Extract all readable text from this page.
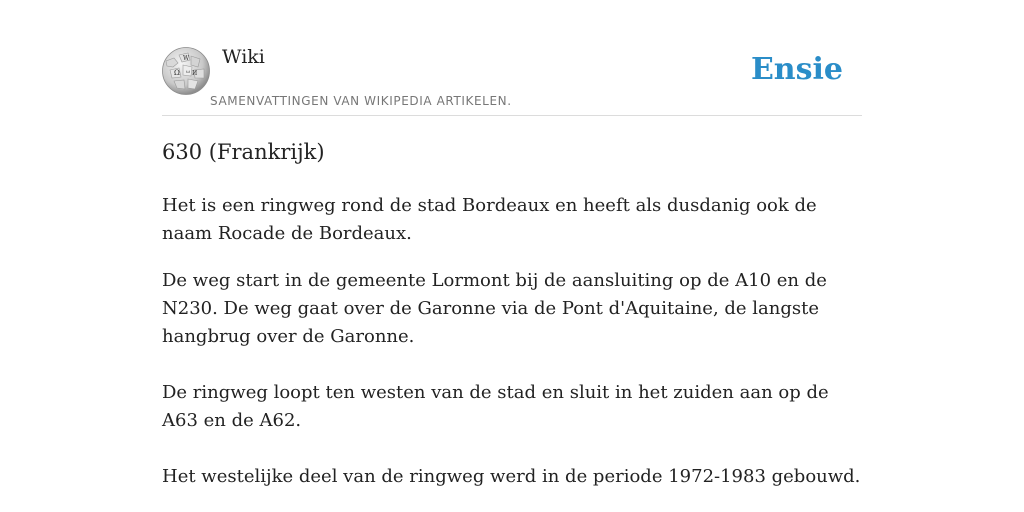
W
Ω И
ω
Wiki
SAMENVATTINGEN VAN WIKIPEDIA ARTIKELEN.
Ensie
630 (Frankrijk)

Het is een ringweg rond de stad Bordeaux en heeft als dusdanig ook de naam Rocade de Bordeaux.

De weg start in de gemeente Lormont bij de aansluiting op de A10 en de N230. De weg gaat over de Garonne via de Pont d'Aquitaine, de langste hangbrug over de Garonne.

De ringweg loopt ten westen van de stad en sluit in het zuiden aan op de A63 en de A62.

Het westelijke deel van de ringweg werd in de periode 1972-1983 gebouwd.
